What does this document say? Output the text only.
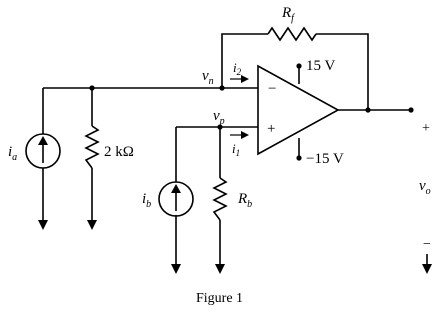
$R_f$
$v_n$
$i_2$
$v_p$
$i_1$
15 V
−15 V
−
+
$i_a$	2 kΩ
$i_b$	$R_b$
+
$v_o$
−
Figure 1
